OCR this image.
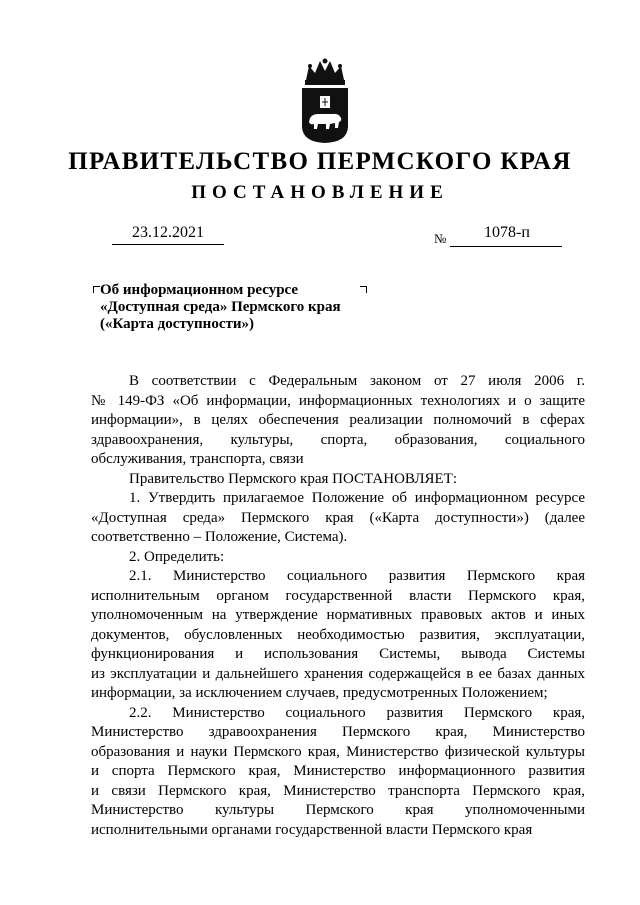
ПРАВИТЕЛЬСТВО ПЕРМСКОГО КРАЯ
ПОСТАНОВЛЕНИЕ
23.12.2021	№ 1078-п
Об информационном ресурсе
«Доступная среда» Пермского края
(«Карта доступности»)
В соответствии с Федеральным законом от 27 июля 2006 г.
№ 149-ФЗ «Об информации, информационных технологиях и о защите
информации», в целях обеспечения реализации полномочий в сферах
здравоохранения, культуры, спорта, образования, социального
обслуживания, транспорта, связи
Правительство Пермского края ПОСТАНОВЛЯЕТ:
1. Утвердить прилагаемое Положение об информационном ресурсе
«Доступная среда» Пермского края («Карта доступности») (далее
соответственно – Положение, Система).
2. Определить:
2.1. Министерство социального развития Пермского края
исполнительным органом государственной власти Пермского края,
уполномоченным на утверждение нормативных правовых актов и иных
документов, обусловленных необходимостью развития, эксплуатации,
функционирования и использования Системы, вывода Системы
из эксплуатации и дальнейшего хранения содержащейся в ее базах данных
информации, за исключением случаев, предусмотренных Положением;
2.2. Министерство социального развития Пермского края,
Министерство здравоохранения Пермского края, Министерство
образования и науки Пермского края, Министерство физической культуры
и спорта Пермского края, Министерство информационного развития
и связи Пермского края, Министерство транспорта Пермского края,
Министерство культуры Пермского края уполномоченными
исполнительными органами государственной власти Пермского края
